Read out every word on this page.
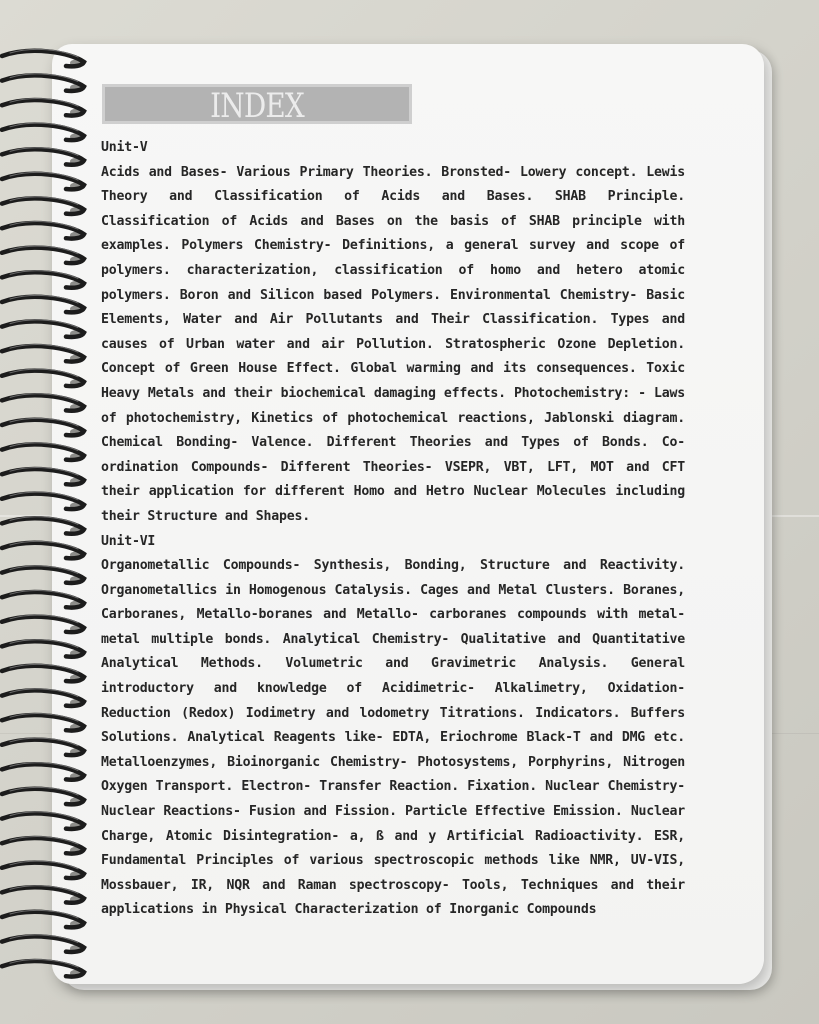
INDEX

Unit-V

Acids and Bases- Various Primary Theories. Bronsted- Lowery concept. Lewis Theory and Classification of Acids and Bases. SHAB Principle. Classification of Acids and Bases on the basis of SHAB principle with examples. Polymers Chemistry- Definitions, a general survey and scope of polymers. characterization, classification of homo and hetero atomic polymers. Boron and Silicon based Polymers. Environmental Chemistry- Basic Elements, Water and Air Pollutants and Their Classification. Types and causes of Urban water and air Pollution. Stratospheric Ozone Depletion. Concept of Green House Effect. Global warming and its consequences. Toxic Heavy Metals and their biochemical damaging effects. Photochemistry: - Laws of photochemistry, Kinetics of photochemical reactions, Jablonski diagram. Chemical Bonding- Valence. Different Theories and Types of Bonds. Co-ordination Compounds- Different Theories- VSEPR, VBT, LFT, MOT and CFT their application for different Homo and Hetro Nuclear Molecules including their Structure and Shapes.

Unit-VI

Organometallic Compounds- Synthesis, Bonding, Structure and Reactivity. Organometallics in Homogenous Catalysis. Cages and Metal Clusters. Boranes, Carboranes, Metallo-boranes and Metallo- carboranes compounds with metal-metal multiple bonds. Analytical Chemistry- Qualitative and Quantitative Analytical Methods. Volumetric and Gravimetric Analysis. General introductory and knowledge of Acidimetric- Alkalimetry, Oxidation- Reduction (Redox) Iodimetry and lodometry Titrations. Indicators. Buffers Solutions. Analytical Reagents like- EDTA, Eriochrome Black-T and DMG etc. Metalloenzymes, Bioinorganic Chemistry- Photosystems, Porphyrins, Nitrogen Oxygen Transport. Electron- Transfer Reaction. Fixation. Nuclear Chemistry- Nuclear Reactions- Fusion and Fission. Particle Effective Emission. Nuclear Charge, Atomic Disintegration- a, ß and y Artificial Radioactivity. ESR, Fundamental Principles of various spectroscopic methods like NMR, UV-VIS, Mossbauer, IR, NQR and Raman spectroscopy- Tools, Techniques and their applications in Physical Characterization of Inorganic Compounds
